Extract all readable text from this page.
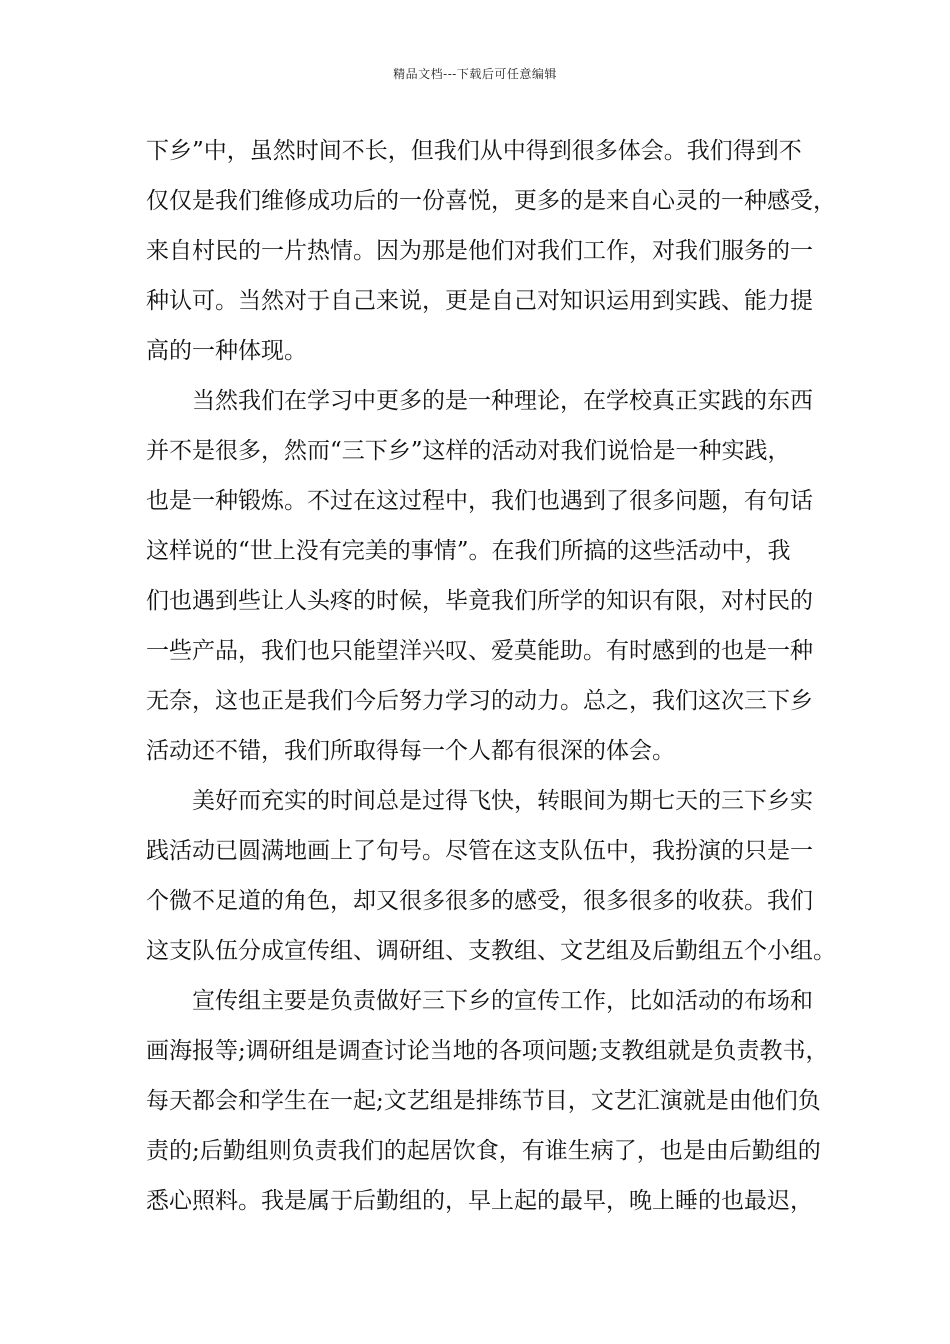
精品文档---下载后可任意编辑
下乡”中，虽然时间不长，但我们从中得到很多体会。我们得到不
仅仅是我们维修成功后的一份喜悦，更多的是来自心灵的一种感受，
来自村民的一片热情。因为那是他们对我们工作，对我们服务的一
种认可。当然对于自己来说，更是自己对知识运用到实践、能力提
高的一种体现。
当然我们在学习中更多的是一种理论，在学校真正实践的东西
并不是很多，然而“三下乡”这样的活动对我们说恰是一种实践，
也是一种锻炼。不过在这过程中，我们也遇到了很多问题，有句话
这样说的“世上没有完美的事情”。在我们所搞的这些活动中，我
们也遇到些让人头疼的时候，毕竟我们所学的知识有限，对村民的
一些产品，我们也只能望洋兴叹、爱莫能助。有时感到的也是一种
无奈，这也正是我们今后努力学习的动力。总之，我们这次三下乡
活动还不错，我们所取得每一个人都有很深的体会。
美好而充实的时间总是过得飞快，转眼间为期七天的三下乡实
践活动已圆满地画上了句号。尽管在这支队伍中，我扮演的只是一
个微不足道的角色，却又很多很多的感受，很多很多的收获。我们
这支队伍分成宣传组、调研组、支教组、文艺组及后勤组五个小组。
宣传组主要是负责做好三下乡的宣传工作，比如活动的布场和
画海报等;调研组是调查讨论当地的各项问题;支教组就是负责教书，
每天都会和学生在一起;文艺组是排练节目，文艺汇演就是由他们负
责的;后勤组则负责我们的起居饮食，有谁生病了，也是由后勤组的
悉心照料。我是属于后勤组的，早上起的最早，晚上睡的也最迟，
